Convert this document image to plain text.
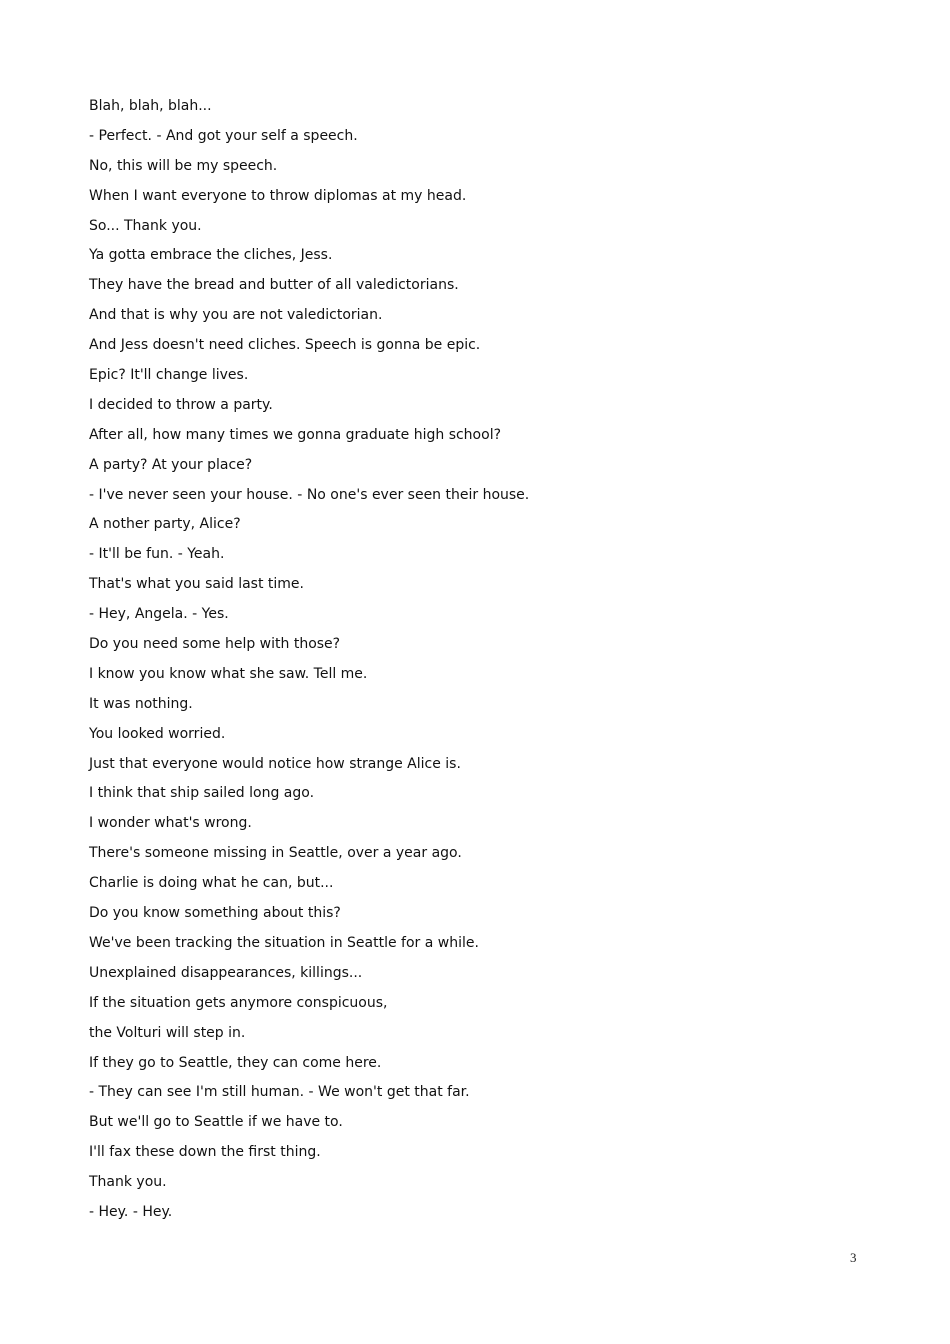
Blah, blah, blah...
- Perfect. - And got your self a speech.
No, this will be my speech.
When I want everyone to throw diplomas at my head.
So... Thank you.
Ya gotta embrace the cliches, Jess.
They have the bread and butter of all valedictorians.
And that is why you are not valedictorian.
And Jess doesn't need cliches. Speech is gonna be epic.
Epic? It'll change lives.
I decided to throw a party.
After all, how many times we gonna graduate high school?
A party? At your place?
- I've never seen your house. - No one's ever seen their house.
A nother party, Alice?
- It'll be fun. - Yeah.
That's what you said last time.
- Hey, Angela. - Yes.
Do you need some help with those?
I know you know what she saw. Tell me.
It was nothing.
You looked worried.
Just that everyone would notice how strange Alice is.
I think that ship sailed long ago.
I wonder what's wrong.
There's someone missing in Seattle, over a year ago.
Charlie is doing what he can, but...
Do you know something about this?
We've been tracking the situation in Seattle for a while.
Unexplained disappearances, killings...
If the situation gets anymore conspicuous,
the Volturi will step in.
If they go to Seattle, they can come here.
- They can see I'm still human. - We won't get that far.
But we'll go to Seattle if we have to.
I'll fax these down the first thing.
Thank you.
- Hey. - Hey.
3
